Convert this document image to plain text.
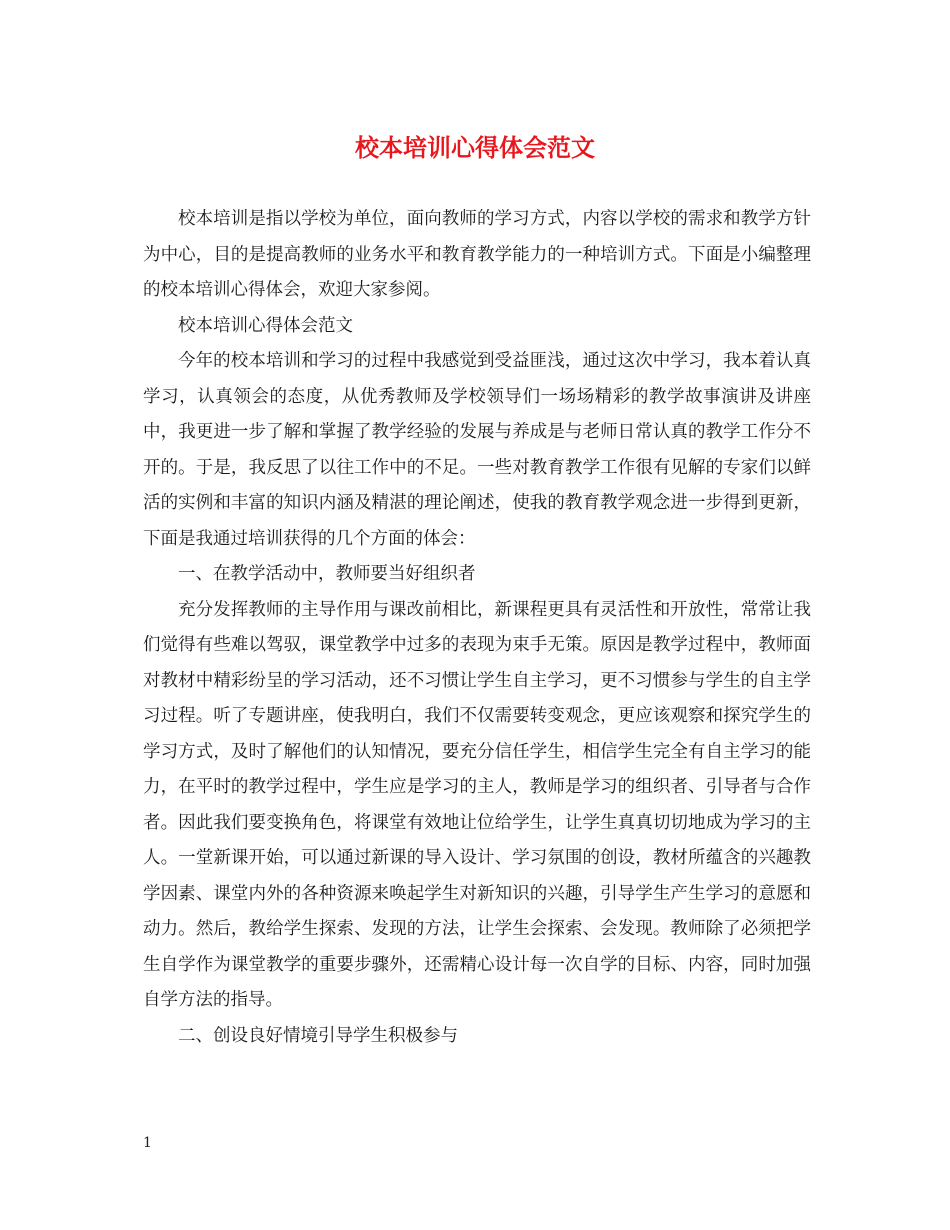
校本培训心得体会范文

校本培训是指以学校为单位，面向教师的学习方式，内容以学校的需求和教学方针为中心，目的是提高教师的业务水平和教育教学能力的一种培训方式。下面是小编整理的校本培训心得体会，欢迎大家参阅。

校本培训心得体会范文

今年的校本培训和学习的过程中我感觉到受益匪浅，通过这次中学习，我本着认真学习，认真领会的态度，从优秀教师及学校领导们一场场精彩的教学故事演讲及讲座中，我更进一步了解和掌握了教学经验的发展与养成是与老师日常认真的教学工作分不开的。于是，我反思了以往工作中的不足。一些对教育教学工作很有见解的专家们以鲜活的实例和丰富的知识内涵及精湛的理论阐述，使我的教育教学观念进一步得到更新，下面是我通过培训获得的几个方面的体会：

一、在教学活动中，教师要当好组织者

充分发挥教师的主导作用与课改前相比，新课程更具有灵活性和开放性，常常让我们觉得有些难以驾驭，课堂教学中过多的表现为束手无策。原因是教学过程中，教师面对教材中精彩纷呈的学习活动，还不习惯让学生自主学习，更不习惯参与学生的自主学习过程。听了专题讲座，使我明白，我们不仅需要转变观念，更应该观察和探究学生的学习方式，及时了解他们的认知情况，要充分信任学生，相信学生完全有自主学习的能力，在平时的教学过程中，学生应是学习的主人，教师是学习的组织者、引导者与合作者。因此我们要变换角色，将课堂有效地让位给学生，让学生真真切切地成为学习的主人。一堂新课开始，可以通过新课的导入设计、学习氛围的创设，教材所蕴含的兴趣教学因素、课堂内外的各种资源来唤起学生对新知识的兴趣，引导学生产生学习的意愿和动力。然后，教给学生探索、发现的方法，让学生会探索、会发现。教师除了必须把学生自学作为课堂教学的重要步骤外，还需精心设计每一次自学的目标、内容，同时加强自学方法的指导。

二、创设良好情境引导学生积极参与

1
